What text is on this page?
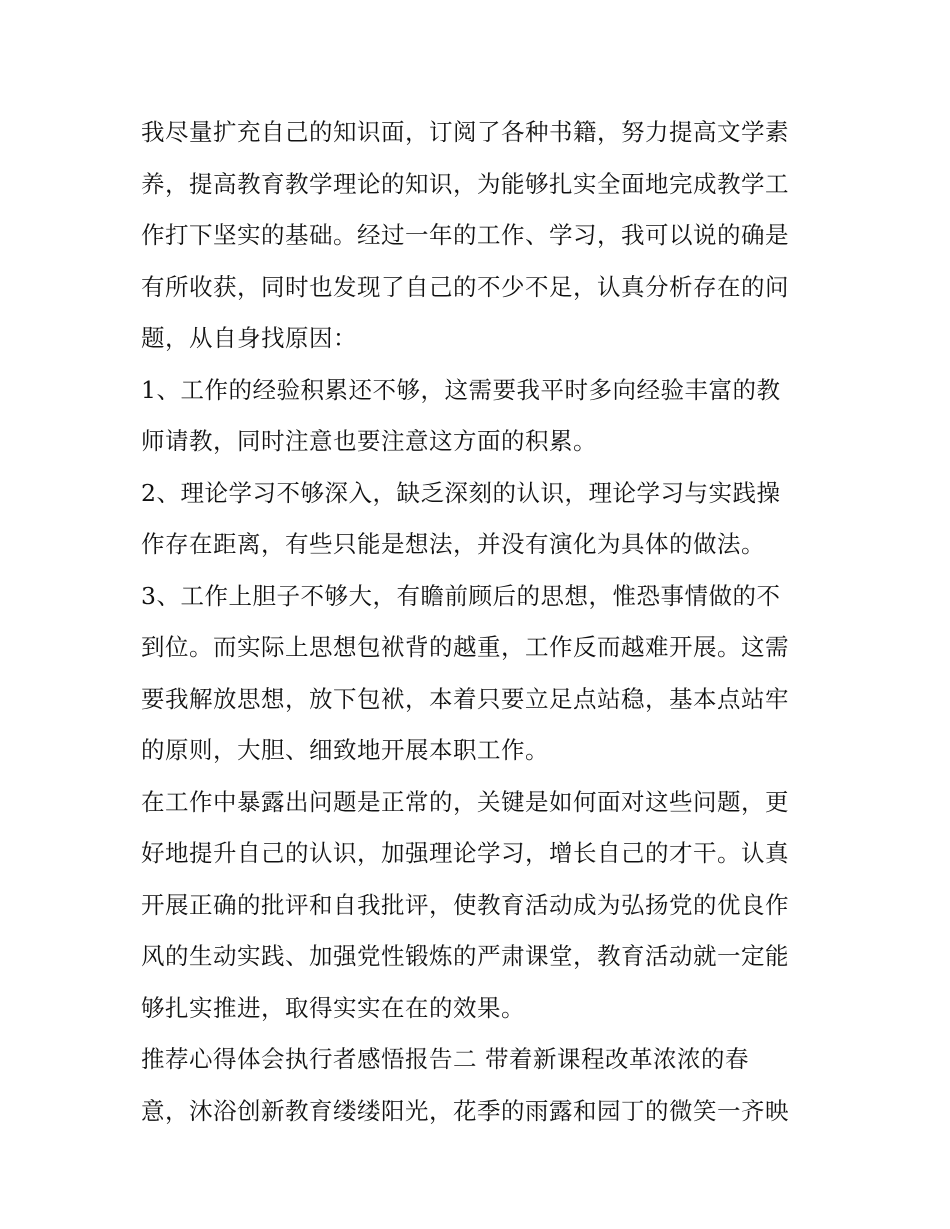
我尽量扩充自己的知识面，订阅了各种书籍，努力提高文学素
养，提高教育教学理论的知识，为能够扎实全面地完成教学工
作打下坚实的基础。经过一年的工作、学习，我可以说的确是
有所收获，同时也发现了自己的不少不足，认真分析存在的问
题，从自身找原因：
1、工作的经验积累还不够，这需要我平时多向经验丰富的教
师请教，同时注意也要注意这方面的积累。
2、理论学习不够深入，缺乏深刻的认识，理论学习与实践操
作存在距离，有些只能是想法，并没有演化为具体的做法。
3、工作上胆子不够大，有瞻前顾后的思想，惟恐事情做的不
到位。而实际上思想包袱背的越重，工作反而越难开展。这需
要我解放思想，放下包袱，本着只要立足点站稳，基本点站牢
的原则，大胆、细致地开展本职工作。
在工作中暴露出问题是正常的，关键是如何面对这些问题，更
好地提升自己的认识，加强理论学习，增长自己的才干。认真
开展正确的批评和自我批评，使教育活动成为弘扬党的优良作
风的生动实践、加强党性锻炼的严肃课堂，教育活动就一定能
够扎实推进，取得实实在在的效果。
推荐心得体会执行者感悟报告二 带着新课程改革浓浓的春
意，沐浴创新教育缕缕阳光，花季的雨露和园丁的微笑一齐映
